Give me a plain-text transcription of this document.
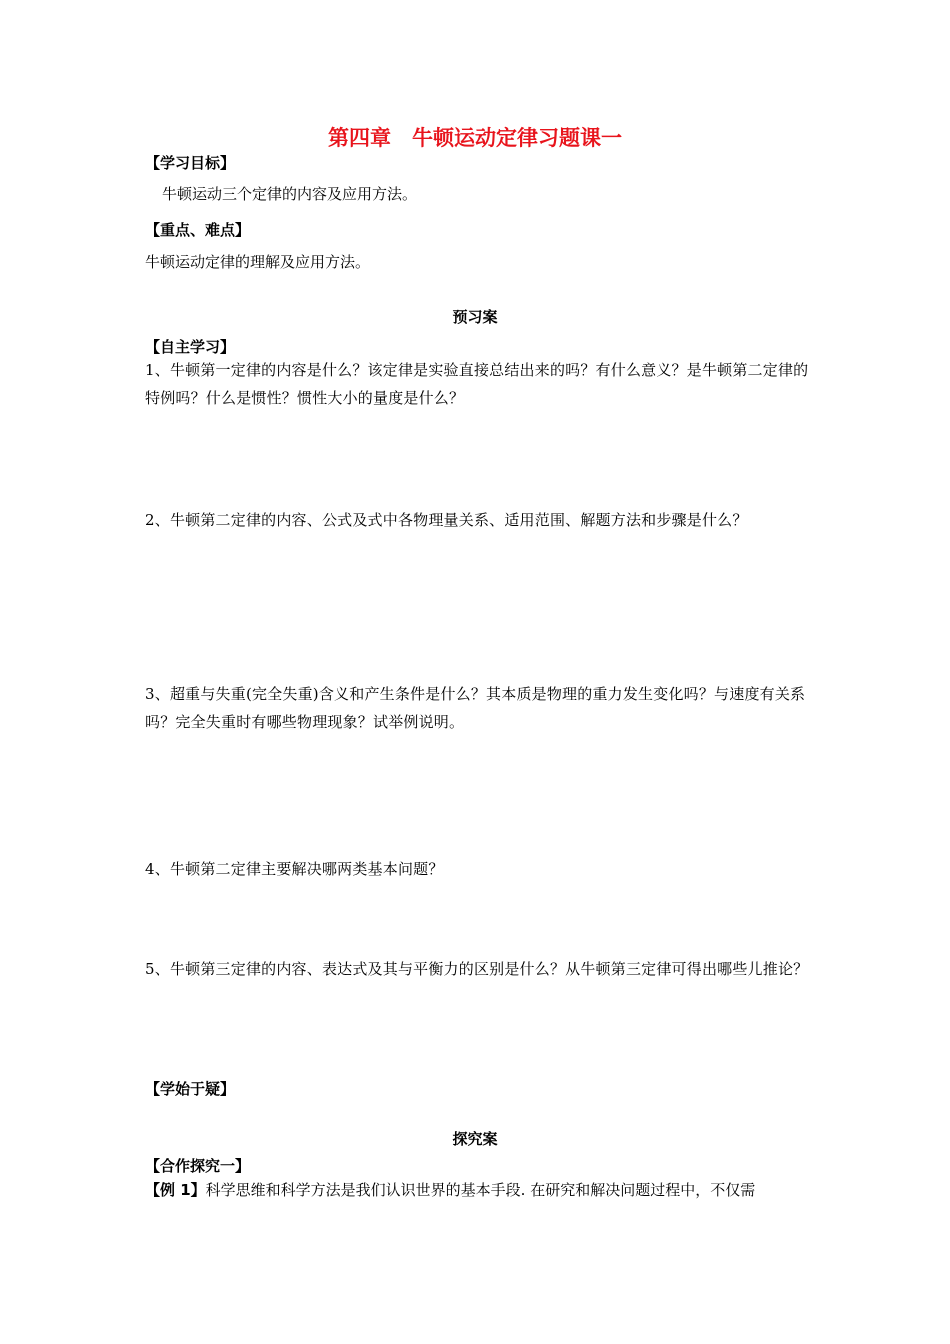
第四章　牛顿运动定律习题课一
【学习目标】
牛顿运动三个定律的内容及应用方法。
【重点、难点】
牛顿运动定律的理解及应用方法。
预习案
【自主学习】
1、牛顿第一定律的内容是什么？该定律是实验直接总结出来的吗？有什么意义？是牛顿第二定律的特例吗？什么是惯性？惯性大小的量度是什么？
2、牛顿第二定律的内容、公式及式中各物理量关系、适用范围、解题方法和步骤是什么？
3、超重与失重(完全失重)含义和产生条件是什么？其本质是物理的重力发生变化吗？与速度有关系吗？完全失重时有哪些物理现象？试举例说明。
4、牛顿第二定律主要解决哪两类基本问题？
5、牛顿第三定律的内容、表达式及其与平衡力的区别是什么？从牛顿第三定律可得出哪些儿推论？
【学始于疑】
探究案
【合作探究一】
【例 1】科学思维和科学方法是我们认识世界的基本手段. 在研究和解决问题过程中，不仅需
